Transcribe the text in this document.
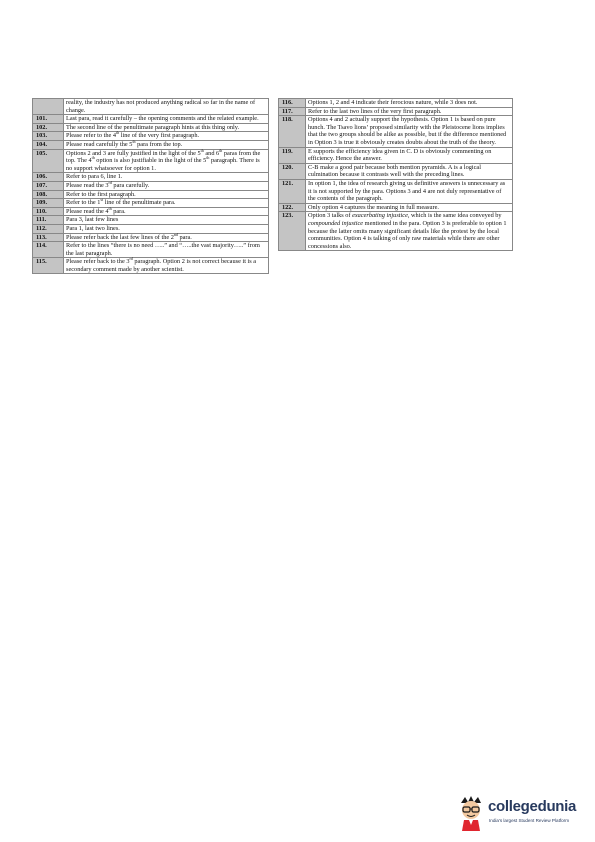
	reality, the industry has not produced anything radical so far in the name of change.
101.	Last para, read it carefully – the opening comments and the related example.
102.	The second line of the penultimate paragraph hints at this thing only.
103.	Please refer to the 4th line of the very first paragraph.
104.	Please read carefully the 5th para from the top.
105.	Options 2 and 3 are fully justified in the light of the 5th and 6th paras from the top. The 4th option is also justifiable in the light of the 5th paragraph. There is no support whatsoever for option 1.
106.	Refer to para 6, line 1.
107.	Please read the 3rd para carefully.
108.	Refer to the first paragraph.
109.	Refer to the 1st line of the penultimate para.
110.	Please read the 4th para.
111.	Para 3, last few lines
112.	Para 1, last two lines.
113.	Please refer back the last few lines of the 2nd para.
114.	Refer to the lines “there is no need …..” and “…..the vast majority…..” from the last paragraph.
115.	Please refer back to the 3rd paragraph. Option 2 is not correct because it is a secondary comment made by another scientist.
116.	Options 1, 2 and 4 indicate their ferocious nature, while 3 does not.
117.	Refer to the last two lines of the very first paragraph.
118.	Options 4 and 2 actually support the hypothesis. Option 1 is based on pure hunch. The Tsavo lions’ proposed similarity with the Pleistocene lions implies that the two groups should be alike as possible, but if the difference mentioned in Option 3 is true it obviously creates doubts about the truth of the theory.
119.	E supports the efficiency idea given in C. D is obviously commenting on efficiency. Hence the answer.
120.	C-B make a good pair because both mention pyramids. A is a logical culmination because it contrasts well with the preceding lines.
121.	In option 1, the idea of research giving us definitive answers is unnecessary as it is not supported by the para. Options 3 and 4 are not duly representative of the contents of the paragraph.
122.	Only option 4 captures the meaning in full measure.
123.	Option 3 talks of exacerbating injustice, which is the same idea conveyed by compounded injustice mentioned in the para. Option 3 is preferable to option 1 because the latter omits many significant details like the protest by the local communities. Option 4 is talking of only raw materials while there are other concessions also.
collegedunia
India's largest Student Review Platform
